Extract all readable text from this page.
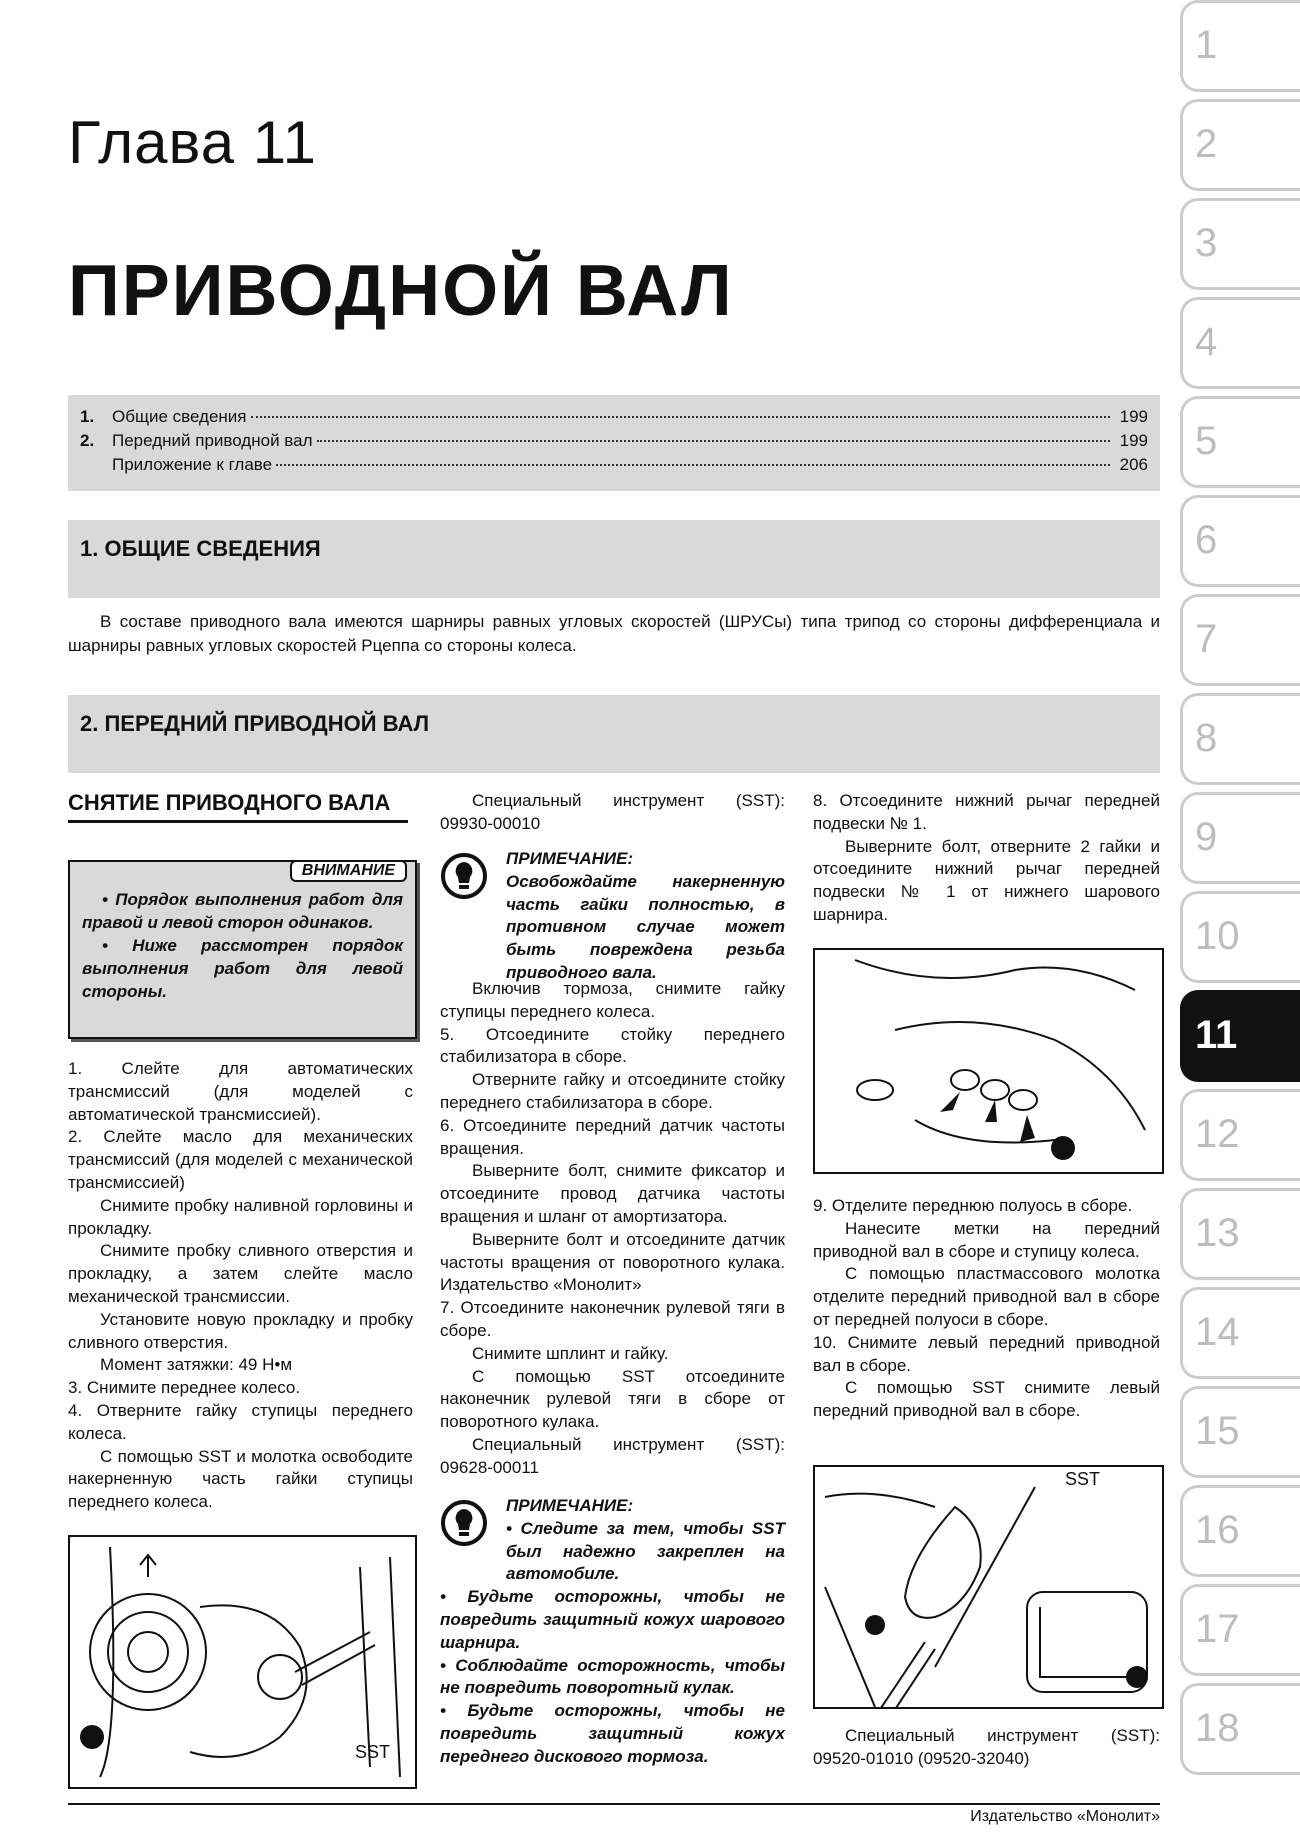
Глава 11
ПРИВОДНОЙ ВАЛ
1.	Общие сведения	199
2.	Передний приводной вал	199
Приложение к главе	206
1. ОБЩИЕ СВЕДЕНИЯ
В составе приводного вала имеются шарниры равных угловых скоростей (ШРУСы) типа трипод со стороны дифференциала и шарниры равных угловых скоростей Рцеппа со стороны колеса.
2. ПЕРЕДНИЙ ПРИВОДНОЙ ВАЛ
СНЯТИЕ ПРИВОДНОГО ВАЛА
ВНИМАНИЕ
• Порядок выполнения работ для правой и левой сторон одинаков.
• Ниже рассмотрен порядок выполнения работ для левой стороны.

1. Слейте для автоматических трансмиссий (для моделей с автоматической трансмиссией).

2. Слейте масло для механических трансмиссий (для моделей с механической трансмиссией)

Снимите пробку наливной горловины и прокладку.

Снимите пробку сливного отверстия и прокладку, а затем слейте масло механической трансмиссии.

Установите новую прокладку и пробку сливного отверстия.

Момент затяжки: 49 Н•м

3. Снимите переднее колесо.

4. Отверните гайку ступицы переднего колеса.

С помощью SST и молотка освободите накерненную часть гайки ступицы переднего колеса.

SST

Специальный инструмент (SST): 09930-00010

ПРИМЕЧАНИЕ:
Освобождайте накерненную часть гайки полностью, в противном случае может быть повреждена резьба приводного вала.

Включив тормоза, снимите гайку ступицы переднего колеса.

5. Отсоедините стойку переднего стабилизатора в сборе.

Отверните гайку и отсоедините стойку переднего стабилизатора в сборе.

6. Отсоедините передний датчик частоты вращения.

Выверните болт, снимите фиксатор и отсоедините провод датчика частоты вращения и шланг от амортизатора.

Выверните болт и отсоедините датчик частоты вращения от поворотного кулака. Издательство «Монолит»

7. Отсоедините наконечник рулевой тяги в сборе.

Снимите шплинт и гайку.

С помощью SST отсоедините наконечник рулевой тяги в сборе от поворотного кулака.

Специальный инструмент (SST): 09628-00011

ПРИМЕЧАНИЕ:
• Следите за тем, чтобы SST был надежно закреплен на автомобиле.
• Будьте осторожны, чтобы не повредить защитный кожух шарового шарнира.
• Соблюдайте осторожность, чтобы не повредить поворотный кулак.
• Будьте осторожны, чтобы не повредить защитный кожух переднего дискового тормоза.

8. Отсоедините нижний рычаг передней подвески № 1.

Выверните болт, отверните 2 гайки и отсоедините нижний рычаг передней подвески № 1 от нижнего шарового шарнира.

9. Отделите переднюю полуось в сборе.

Нанесите метки на передний приводной вал в сборе и ступицу колеса.

С помощью пластмассового молотка отделите передний приводной вал в сборе от передней полуоси в сборе.

10. Снимите левый передний приводной вал в сборе.

С помощью SST снимите левый передний приводной вал в сборе.

SST

Специальный инструмент (SST): 09520-01010 (09520-32040)

Издательство «Монолит»
1
2
3
4
5
6
7
8
9
10
11
12
13
14
15
16
17
18
